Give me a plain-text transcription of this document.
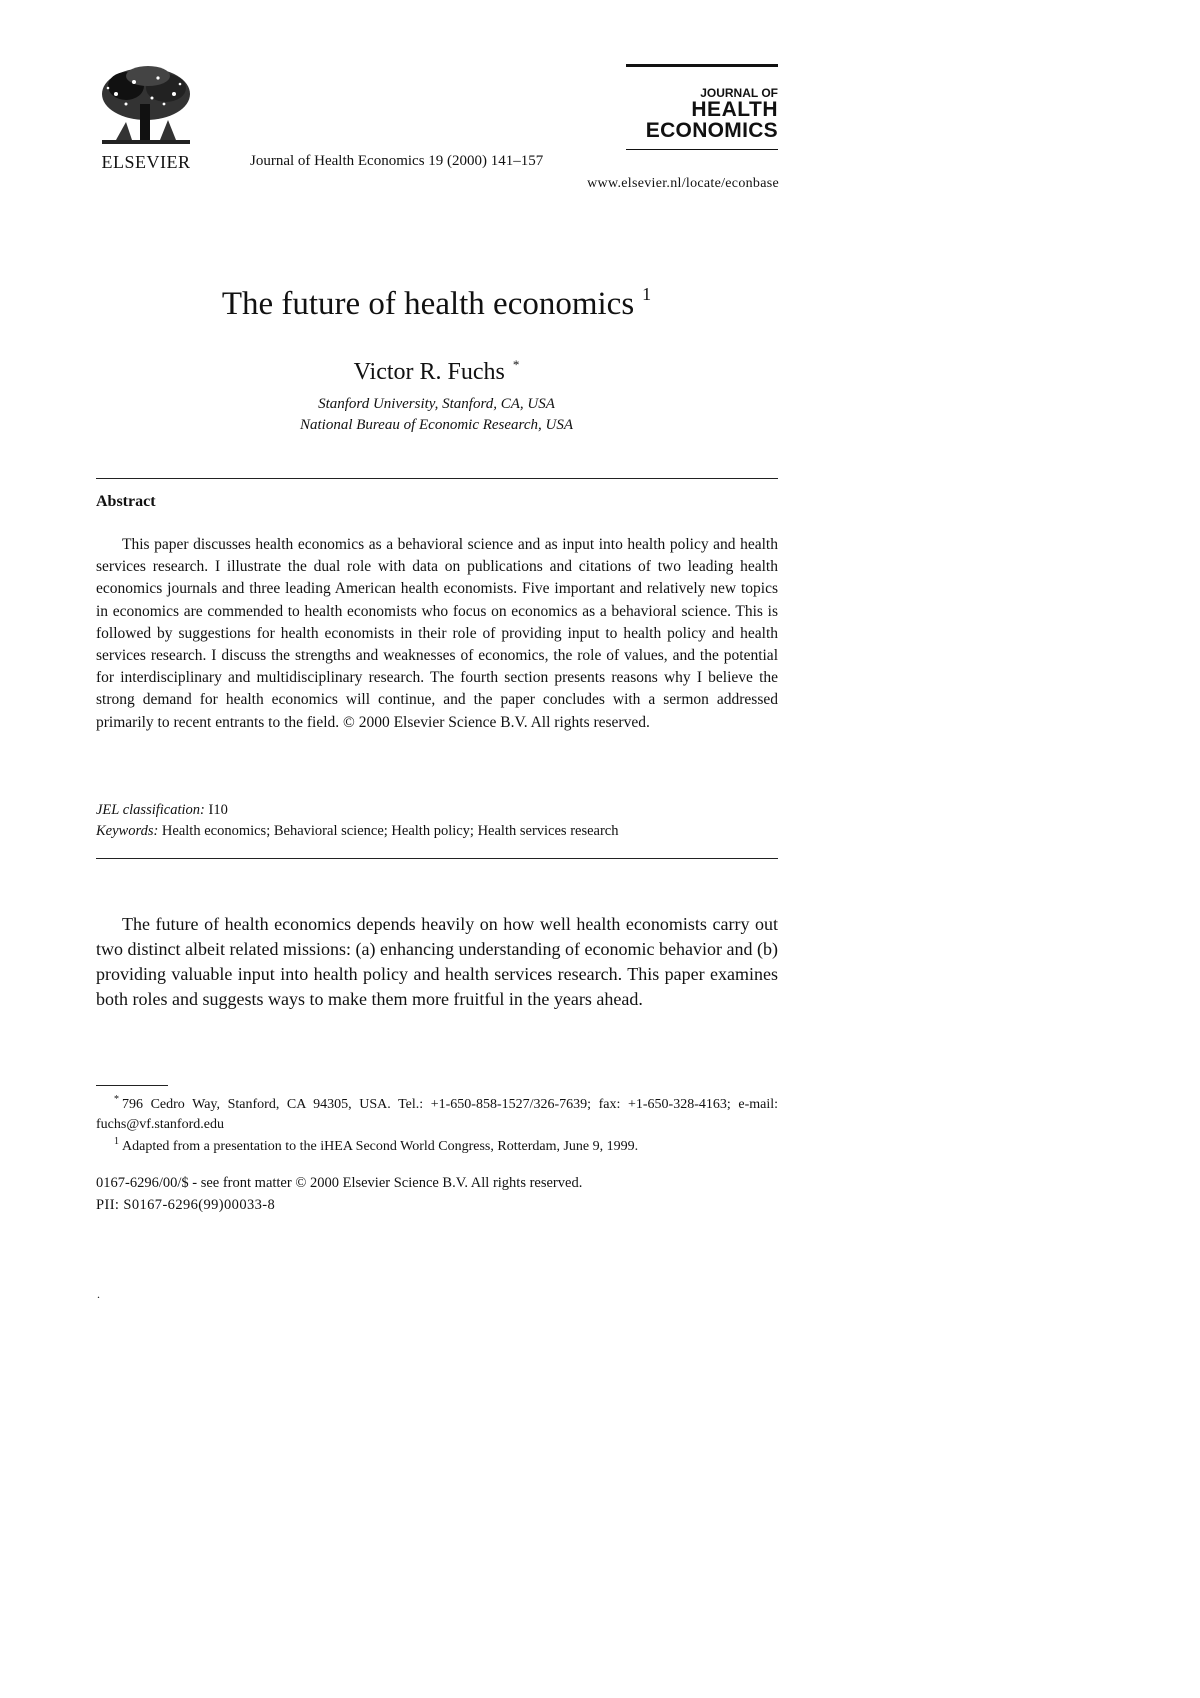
ELSEVIER	Journal of Health Economics 19 (2000) 141–157
JOURNAL OF
HEALTH
ECONOMICS
www.elsevier.nl/locate/econbase
The future of health economics $^1$
Victor R. Fuchs *
Stanford University, Stanford, CA, USA
National Bureau of Economic Research, USA
Abstract
This paper discusses health economics as a behavioral science and as input into health policy and health services research. I illustrate the dual role with data on publications and citations of two leading health economics journals and three leading American health economists. Five important and relatively new topics in economics are commended to health economists who focus on economics as a behavioral science. This is followed by suggestions for health economists in their role of providing input to health policy and health services research. I discuss the strengths and weaknesses of economics, the role of values, and the potential for interdisciplinary and multidisciplinary research. The fourth section presents reasons why I believe the strong demand for health economics will continue, and the paper concludes with a sermon addressed primarily to recent entrants to the field. © 2000 Elsevier Science B.V. All rights reserved.
JEL classification: I10
Keywords: Health economics; Behavioral science; Health policy; Health services research
The future of health economics depends heavily on how well health economists carry out two distinct albeit related missions: (a) enhancing understanding of economic behavior and (b) providing valuable input into health policy and health services research. This paper examines both roles and suggests ways to make them more fruitful in the years ahead.
* 796 Cedro Way, Stanford, CA 94305, USA. Tel.: +1-650-858-1527/326-7639; fax: +1-650-328-4163; e-mail: fuchs@vf.stanford.edu
$^1$ Adapted from a presentation to the iHEA Second World Congress, Rotterdam, June 9, 1999.
0167-6296/00/$ - see front matter © 2000 Elsevier Science B.V. All rights reserved.
PII: S0167-6296(99)00033-8
.
